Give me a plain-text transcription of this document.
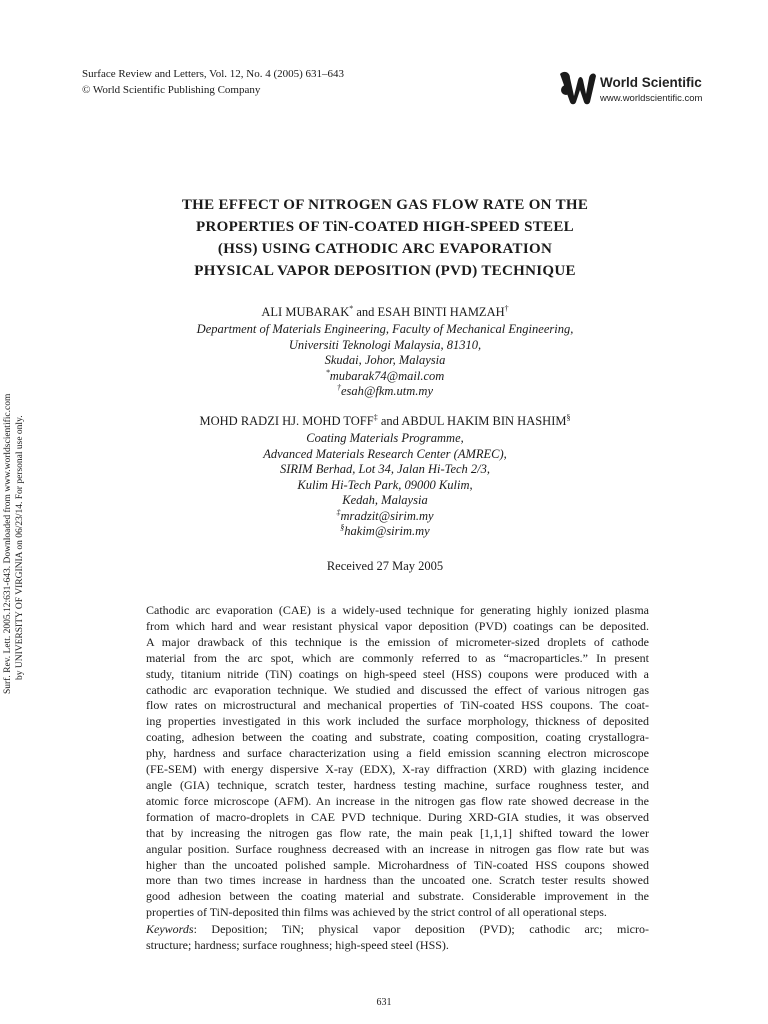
Surf. Rev. Lett. 2005.12:631-643. Downloaded from www.worldscientific.com by UNIVERSITY OF VIRGINIA on 06/23/14. For personal use only.
Surface Review and Letters, Vol. 12, No. 4 (2005) 631–643
© World Scientific Publishing Company	World Scientific
www.worldscientific.com
THE EFFECT OF NITROGEN GAS FLOW RATE ON THE
PROPERTIES OF TiN-COATED HIGH-SPEED STEEL
(HSS) USING CATHODIC ARC EVAPORATION
PHYSICAL VAPOR DEPOSITION (PVD) TECHNIQUE
ALI MUBARAK* and ESAH BINTI HAMZAH†
Department of Materials Engineering, Faculty of Mechanical Engineering,
Universiti Teknologi Malaysia, 81310,
Skudai, Johor, Malaysia
*mubarak74@mail.com
†esah@fkm.utm.my
MOHD RADZI HJ. MOHD TOFF‡ and ABDUL HAKIM BIN HASHIM§
Coating Materials Programme,
Advanced Materials Research Center (AMREC),
SIRIM Berhad, Lot 34, Jalan Hi-Tech 2/3,
Kulim Hi-Tech Park, 09000 Kulim,
Kedah, Malaysia
‡mradzit@sirim.my
§hakim@sirim.my
Received 27 May 2005
Cathodic arc evaporation (CAE) is a widely-used technique for generating highly ionized plasma
from which hard and wear resistant physical vapor deposition (PVD) coatings can be deposited.
A major drawback of this technique is the emission of micrometer-sized droplets of cathode
material from the arc spot, which are commonly referred to as “macroparticles.” In present
study, titanium nitride (TiN) coatings on high-speed steel (HSS) coupons were produced with a
cathodic arc evaporation technique. We studied and discussed the effect of various nitrogen gas
flow rates on microstructural and mechanical properties of TiN-coated HSS coupons. The coat-
ing properties investigated in this work included the surface morphology, thickness of deposited
coating, adhesion between the coating and substrate, coating composition, coating crystallogra-
phy, hardness and surface characterization using a field emission scanning electron microscope
(FE-SEM) with energy dispersive X-ray (EDX), X-ray diffraction (XRD) with glazing incidence
angle (GIA) technique, scratch tester, hardness testing machine, surface roughness tester, and
atomic force microscope (AFM). An increase in the nitrogen gas flow rate showed decrease in the
formation of macro-droplets in CAE PVD technique. During XRD-GIA studies, it was observed
that by increasing the nitrogen gas flow rate, the main peak [1,1,1] shifted toward the lower
angular position. Surface roughness decreased with an increase in nitrogen gas flow rate but was
higher than the uncoated polished sample. Microhardness of TiN-coated HSS coupons showed
more than two times increase in hardness than the uncoated one. Scratch tester results showed
good adhesion between the coating material and substrate. Considerable improvement in the
properties of TiN-deposited thin films was achieved by the strict control of all operational steps.
Keywords: Deposition; TiN; physical vapor deposition (PVD); cathodic arc; micro-
structure; hardness; surface roughness; high-speed steel (HSS).
631
